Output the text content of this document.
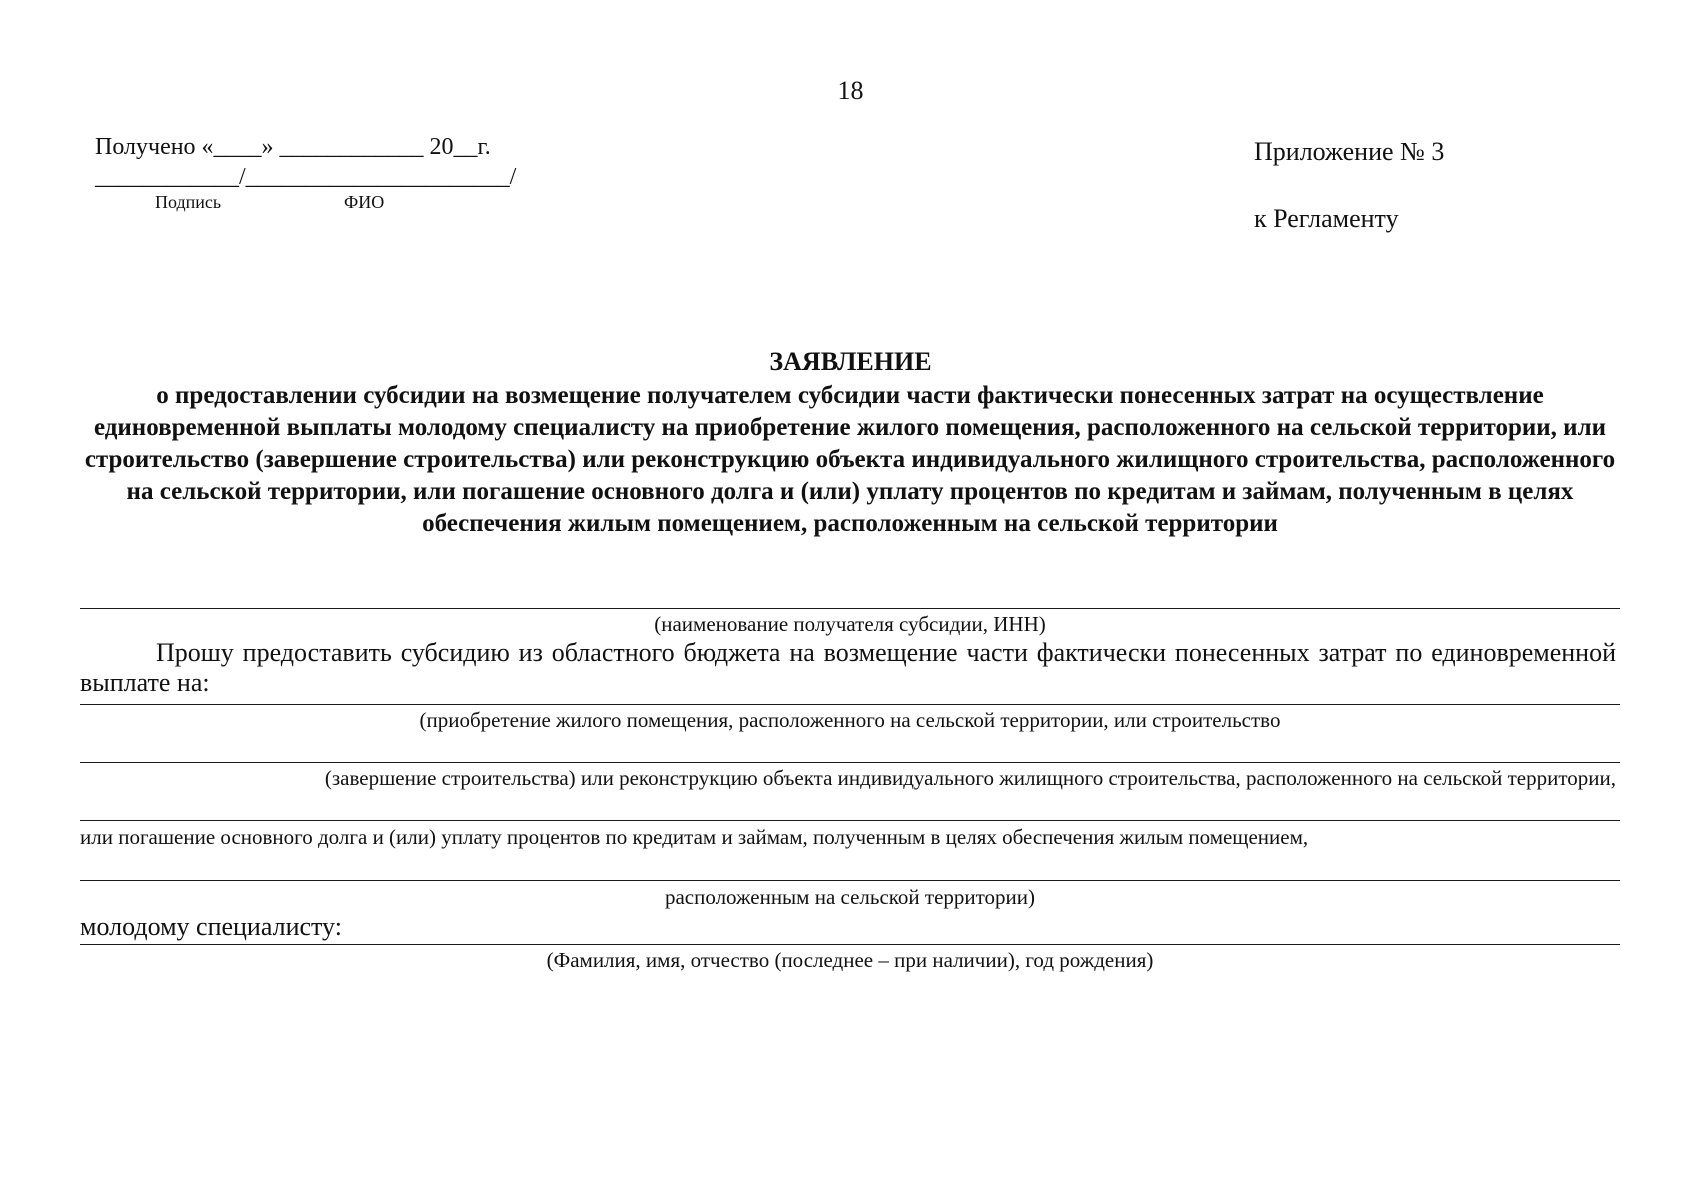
18
Получено «____» ____________ 20__г.
____________/______________________/
Подпись	ФИО
Приложение № 3
к Регламенту
ЗАЯВЛЕНИЕ
о предоставлении субсидии на возмещение получателем субсидии части фактически понесенных затрат на осуществление единовременной выплаты молодому специалисту на приобретение жилого помещения, расположенного на сельской территории, или строительство (завершение строительства) или реконструкцию объекта индивидуального жилищного строительства, расположенного на сельской территории, или погашение основного долга и (или) уплату процентов по кредитам и займам, полученным в целях обеспечения жилым помещением, расположенным на сельской территории
(наименование получателя субсидии, ИНН)
Прошу предоставить субсидию из областного бюджета на возмещение части фактически понесенных затрат по единовременной выплате на:
(приобретение жилого помещения, расположенного на сельской территории, или строительство
(завершение строительства) или реконструкцию объекта индивидуального жилищного строительства, расположенного на сельской территории,
или погашение основного долга и (или) уплату процентов по кредитам и займам, полученным в целях обеспечения жилым помещением,
расположенным на сельской территории)
молодому специалисту:
(Фамилия, имя, отчество (последнее – при наличии), год рождения)
